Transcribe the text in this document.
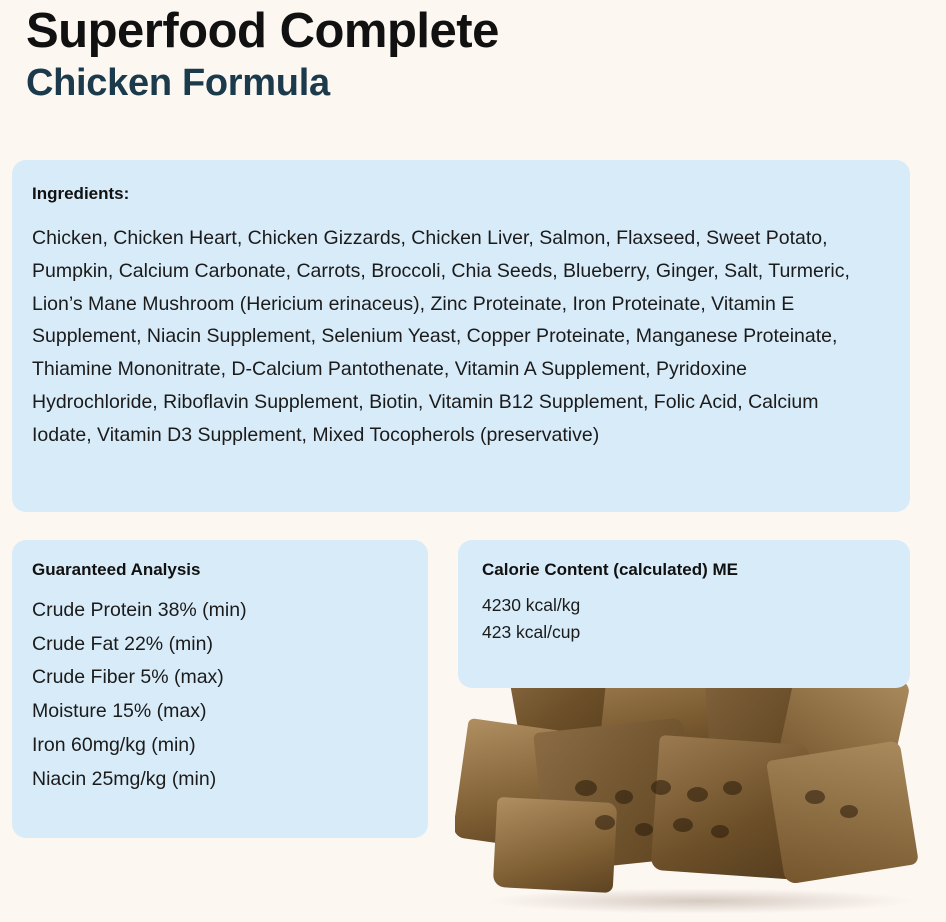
Superfood Complete
Chicken Formula
Ingredients:
Chicken, Chicken Heart, Chicken Gizzards, Chicken Liver, Salmon, Flaxseed, Sweet Potato, Pumpkin, Calcium Carbonate, Carrots, Broccoli, Chia Seeds, Blueberry, Ginger, Salt, Turmeric, Lion’s Mane Mushroom (Hericium erinaceus), Zinc Proteinate, Iron Proteinate, Vitamin E Supplement, Niacin Supplement, Selenium Yeast, Copper Proteinate, Manganese Proteinate, Thiamine Mononitrate, D-Calcium Pantothenate, Vitamin A Supplement, Pyridoxine Hydrochloride, Riboflavin Supplement, Biotin, Vitamin B12 Supplement, Folic Acid, Calcium Iodate, Vitamin D3 Supplement, Mixed Tocopherols (preservative)
Guaranteed Analysis
Crude Protein 38% (min)
Crude Fat 22% (min)
Crude Fiber 5% (max)
Moisture 15% (max)
Iron 60mg/kg (min)
Niacin 25mg/kg (min)
Calorie Content (calculated) ME
4230 kcal/kg
423 kcal/cup
